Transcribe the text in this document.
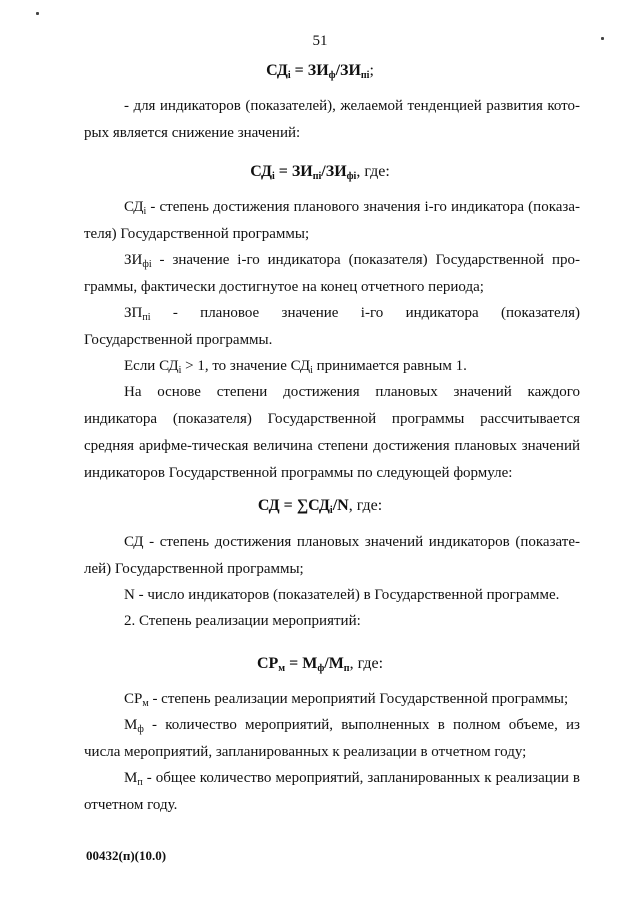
51
$СД_i = ЗИ_ф/ЗИ_{пi}$;

- для индикаторов (показателей), желаемой тенденцией развития кото-рых является снижение значений:

$СД_i = ЗИ_{пi}/ЗИ_{фi}$, где:

$СД_i$ - степень достижения планового значения i-го индикатора (показа-теля) Государственной программы;

$ЗИ_{фi}$ - значение i-го индикатора (показателя) Государственной про-граммы, фактически достигнутое на конец отчетного периода;

$ЗП_{пi}$ - плановое значение i-го индикатора (показателя) Государственной программы.

Если $СД_i > 1$, то значение $СД_i$ принимается равным 1.

На основе степени достижения плановых значений каждого индикатора (показателя) Государственной программы рассчитывается средняя арифме-тическая величина степени достижения плановых значений индикаторов Государственной программы по следующей формуле:

СД = $\sum СД_i/N$, где:

СД - степень достижения плановых значений индикаторов (показате-лей) Государственной программы;

N - число индикаторов (показателей) в Государственной программе.

2. Степень реализации мероприятий:

$СР_м = М_ф/М_п$, где:

$СР_м$ - степень реализации мероприятий Государственной программы;

$М_ф$ - количество мероприятий, выполненных в полном объеме, из числа мероприятий, запланированных к реализации в отчетном году;

$М_п$ - общее количество мероприятий, запланированных к реализации в отчетном году.

00432(п)(10.0)
